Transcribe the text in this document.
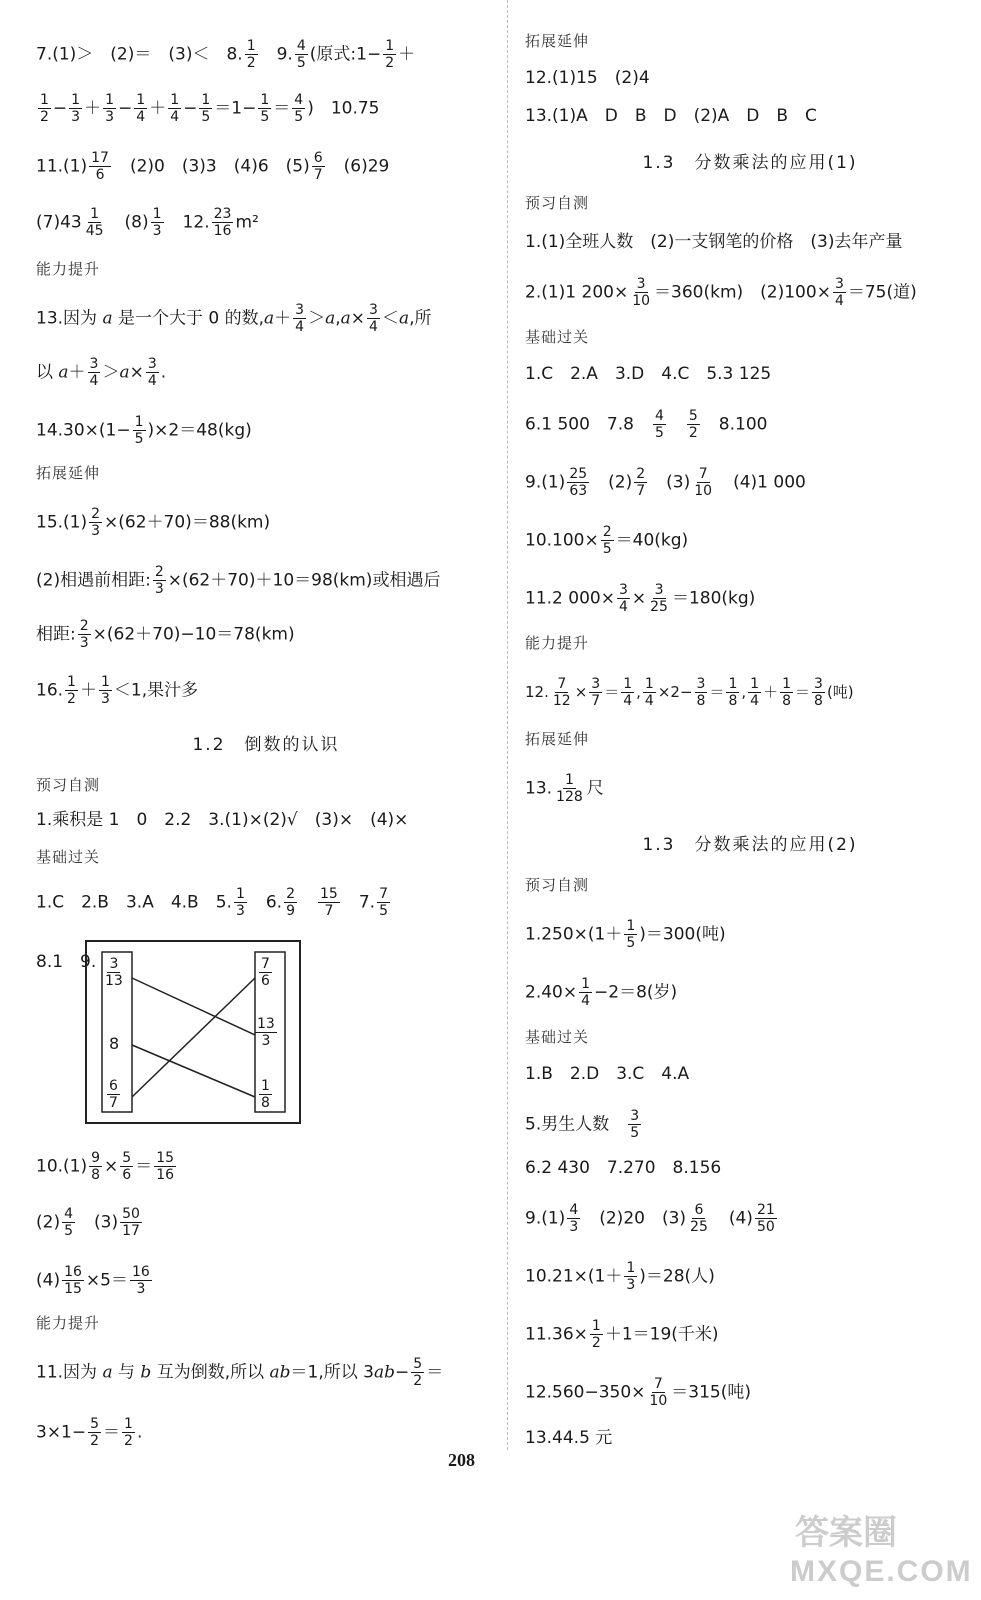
7.(1)＞　(2)＝　(3)＜　8. $\frac{1}{2}$ 　9. $\frac{4}{5}$ (原式:1− $\frac{1}{2}$ ＋
$\frac{1}{2} - \frac{1}{3} + \frac{1}{3} - \frac{1}{4} + \frac{1}{4} - \frac{1}{5} =1- \frac{1}{5} = \frac{4}{5}$ )　10.75
$11.(1) \frac{17}{6}$ 　(2)0　(3)3　(4)6　$(5) \frac{6}{7}$ 　(6)29
$(7)43 \frac{1}{45}$ 　$(8) \frac{1}{3}$ 　12. $\frac{23}{16} m^2$
能力提升
13.因为 a 是一个大于 0 的数$,a+ \frac{3}{4} >a,a\times \frac{3}{4} <a$,所
以 $a+ \frac{3}{4} >a\times \frac{3}{4}$ .
$14.30\times(1- \frac{1}{5} )\times 2=48(kg)$
拓展延伸
$15.(1) \frac{2}{3} \times(62+70)=88(km)$
(2)相遇前相距: $\frac{2}{3} \times(62+70)+10=98(km)$或相遇后
相距: $\frac{2}{3} \times(62+70)-10=78(km)$
16. $\frac{1}{2} + \frac{1}{3} <1$,果汁多
1.2　倒数的认识
预习自测
1.乘积是 1　0　2.2　3.(1)×(2)√　(3)×　(4)×
基础过关
1.C　2.B　3.A　4.B　5. $\frac{1}{3}$ 　6. $\frac{2}{9}$
　 $\frac{15}{7}$ 　7. $\frac{7}{5}$
8.1　9.
$10.(1) \frac{9}{8} \times \frac{5}{6} = \frac{15}{16}$
$(2) \frac{4}{5}$ 　$(3) \frac{50}{17}$
$(4) \frac{16}{15} \times 5= \frac{16}{3}$
能力提升
11.因为 a 与 b 互为倒数,所以 ab＝1,所以 $3ab- \frac{5}{2}$ ＝
$3\times 1- \frac{5}{2} = \frac{1}{2}$ .
$\frac{3}{13}$
8
$\frac{6}{7}$
$\frac{7}{6}$
$\frac{13}{3}$
$\frac{1}{8}$
拓展延伸
12.(1)15　(2)4
13.(1)A　D　B　D　(2)A　D　B　C
1.3　分数乘法的应用(1)
预习自测
1.(1)全班人数　(2)一支钢笔的价格　(3)去年产量
2.(1)1 $200\times \frac{3}{10} =360(km)$　$(2)100\times \frac{3}{4} =75$(道)
基础过关
1.C　2.A　3.D　4.C　5.3 125
6.1 500　7.8　 $\frac{4}{5}$
　 $\frac{5}{2}$ 　8.100
$9.(1) \frac{25}{63}$ 　$(2) \frac{2}{7}$ 　$(3) \frac{7}{10}$ 　(4)1 000
$10.100\times \frac{2}{5} =40(kg)$
11.2 $000\times \frac{3}{4} \times \frac{3}{25} =180(kg)$
能力提升
12. $\frac{7}{12} \times \frac{3}{7} = \frac{1}{4}$ , $\frac{1}{4} \times 2- \frac{3}{8} = \frac{1}{8}$ , $\frac{1}{4} + \frac{1}{8} = \frac{3}{8}$ (吨)
拓展延伸
13. $\frac{1}{128}$ 尺
1.3　分数乘法的应用(2)
预习自测
$1.250\times(1+ \frac{1}{5} )=300$(吨)
$2.40\times \frac{1}{4} -2=8$(岁)
基础过关
1.B　2.D　3.C　4.A
5.男生人数　 $\frac{3}{5}$
6.2 430　7.270　8.156
$9.(1) \frac{4}{3}$ 　(2)20　$(3) \frac{6}{25}$ 　$(4) \frac{21}{50}$
$10.21\times(1+ \frac{1}{3} )=28$(人)
$11.36\times \frac{1}{2} +1=19$(千米)
$12.560-350\times \frac{7}{10} =315$(吨)
13.44.5 元
208
答案圈
MXQE.COM
